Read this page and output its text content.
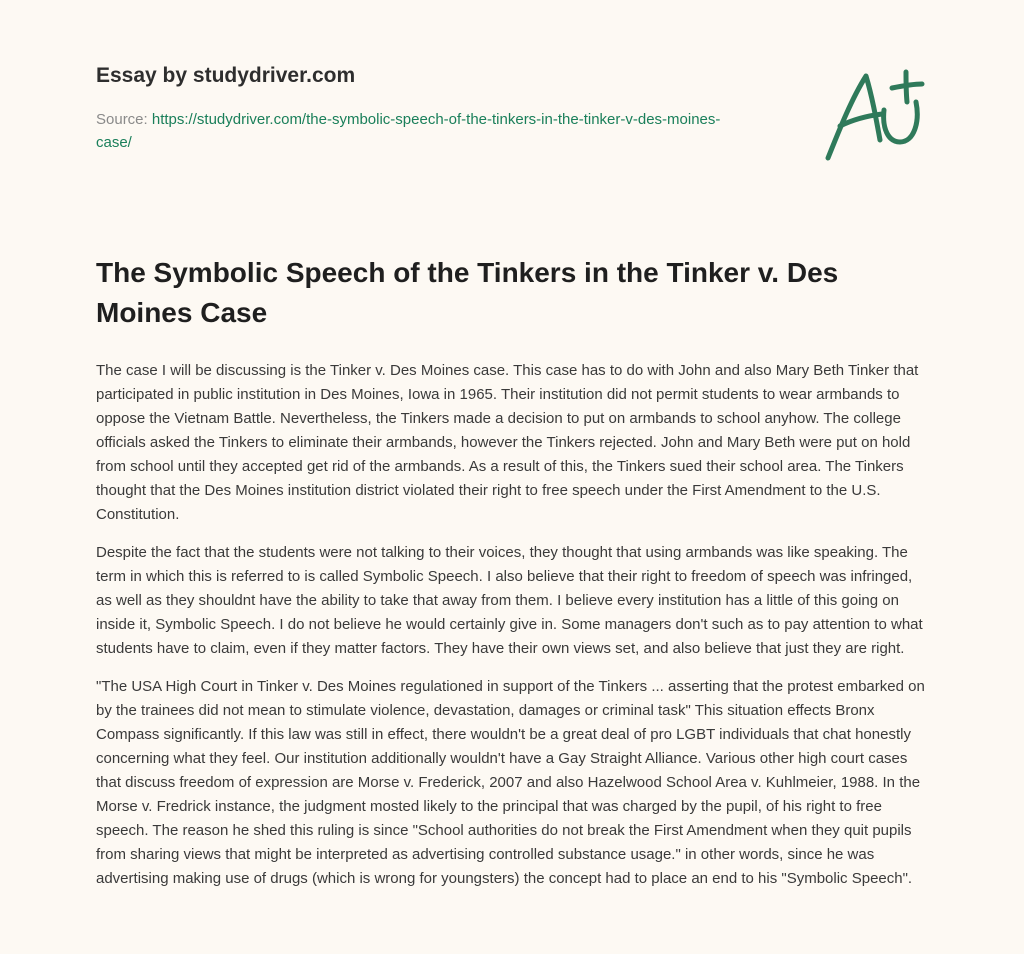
Essay by studydriver.com
Source: https://studydriver.com/the-symbolic-speech-of-the-tinkers-in-the-tinker-v-des-moines-case/
The Symbolic Speech of the Tinkers in the Tinker v. Des Moines Case

The case I will be discussing is the Tinker v. Des Moines case. This case has to do with John and also Mary Beth Tinker that participated in public institution in Des Moines, Iowa in 1965. Their institution did not permit students to wear armbands to oppose the Vietnam Battle. Nevertheless, the Tinkers made a decision to put on armbands to school anyhow. The college officials asked the Tinkers to eliminate their armbands, however the Tinkers rejected. John and Mary Beth were put on hold from school until they accepted get rid of the armbands. As a result of this, the Tinkers sued their school area. The Tinkers thought that the Des Moines institution district violated their right to free speech under the First Amendment to the U.S. Constitution.

Despite the fact that the students were not talking to their voices, they thought that using armbands was like speaking. The term in which this is referred to is called Symbolic Speech. I also believe that their right to freedom of speech was infringed, as well as they shouldnt have the ability to take that away from them. I believe every institution has a little of this going on inside it, Symbolic Speech. I do not believe he would certainly give in. Some managers don't such as to pay attention to what students have to claim, even if they matter factors. They have their own views set, and also believe that just they are right.

"The USA High Court in Tinker v. Des Moines regulationed in support of the Tinkers ... asserting that the protest embarked on by the trainees did not mean to stimulate violence, devastation, damages or criminal task" This situation effects Bronx Compass significantly. If this law was still in effect, there wouldn't be a great deal of pro LGBT individuals that chat honestly concerning what they feel. Our institution additionally wouldn't have a Gay Straight Alliance. Various other high court cases that discuss freedom of expression are Morse v. Frederick, 2007 and also Hazelwood School Area v. Kuhlmeier, 1988. In the Morse v. Fredrick instance, the judgment mosted likely to the principal that was charged by the pupil, of his right to free speech. The reason he shed this ruling is since "School authorities do not break the First Amendment when they quit pupils from sharing views that might be interpreted as advertising controlled substance usage." in other words, since he was advertising making use of drugs (which is wrong for youngsters) the concept had to place an end to his "Symbolic Speech".
